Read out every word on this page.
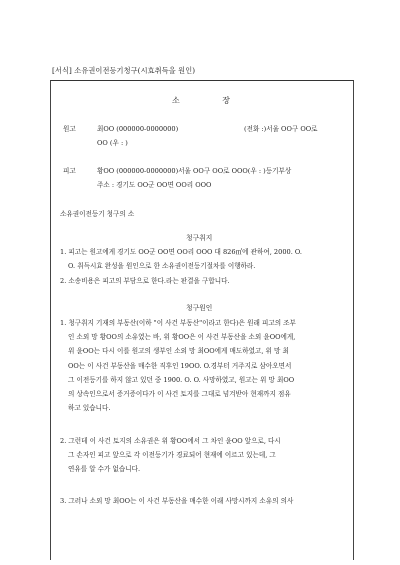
[서식] 소유권이전등기청구(시효취득을 원인)
소 장
원고	최OO (000000-0000000)	(전화 :)서울 OO구 OO로
OO (우 : )
피고	황OO (000000-0000000)서울 OO구 OO로 OOO(우 : )등기부상
주소 : 경기도 OO군 OO면 OO리 OOO
소유권이전등기 청구의 소
청구취지
1. 피고는 원고에게 경기도 OO군 OO면 OO리 OOO 대 826㎡에 관하여, 2000. O.
O. 취득시효 완성을 원인으로 한 소유권이전등기절차를 이행하라.
2. 소송비용은 피고의 부담으로 한다.라는 판결을 구합니다.
청구원인
1. 청구취지 기재의 부동산(이하 "이 사건 부동산"이라고 한다)은 원래 피고의 조부
인 소외 망 황OO의 소유였는 바, 위 황OO은 이 사건 부동산을 소외 윤OO에게,
위 윤OO는 다시 이를 원고의 생부인 소외 망 최OO에게 매도하였고, 위 망 최
OO는 이 사건 부동산을 매수한 직후인 19OO. O.경부터 거주지로 삼아오면서
그 이전등기를 하지 않고 있던 중 1900. O. O. 사망하였고, 원고는 위 망 최OO
의 상속인으로서 증거증이다가 이 사건 토지를 그대로 넘겨받아 현재까지 점유
하고 있습니다.
2. 그런데 이 사건 토지의 소유권은 위 황OO에서 그 차인 윤OO 앞으로, 다시
그 손자인 피고 앞으로 각 이전등기가 경료되어 현재에 이르고 있는데, 그
연유를 알 수가 없습니다.
3. 그러나 소외 망 최OO는 이 사건 부동산을 매수한 이래 사망시까지 소유의 의사
